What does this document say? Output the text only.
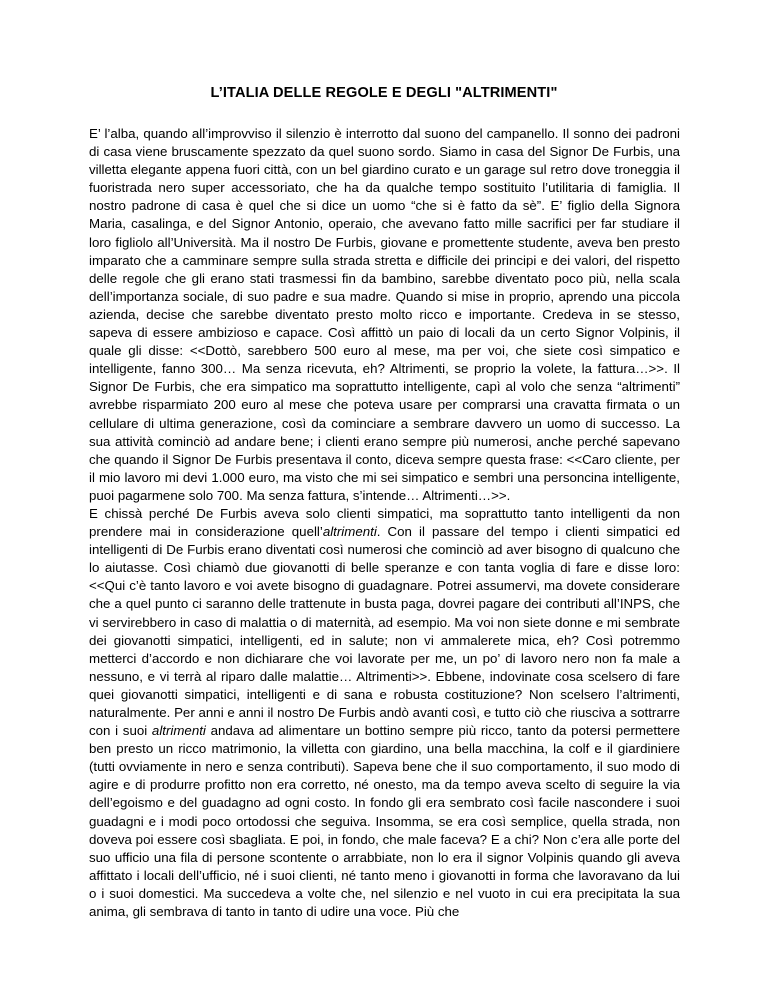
L’ITALIA DELLE REGOLE E DEGLI "ALTRIMENTI"

E’ l’alba, quando all’improvviso il silenzio è interrotto dal suono del campanello. Il sonno dei padroni di casa viene bruscamente spezzato da quel suono sordo. Siamo in casa del Signor De Furbis, una villetta elegante appena fuori città, con un bel giardino curato e un garage sul retro dove troneggia il fuoristrada nero super accessoriato, che ha da qualche tempo sostituito l’utilitaria di famiglia. Il nostro padrone di casa è quel che si dice un uomo “che si è fatto da sè”. E’ figlio della Signora Maria, casalinga, e del Signor Antonio, operaio, che avevano fatto mille sacrifici per far studiare il loro figliolo all’Università. Ma il nostro De Furbis, giovane e promettente studente, aveva ben presto imparato che a camminare sempre sulla strada stretta e difficile dei principi e dei valori, del rispetto delle regole che gli erano stati trasmessi fin da bambino, sarebbe diventato poco più, nella scala dell’importanza sociale, di suo padre e sua madre. Quando si mise in proprio, aprendo una piccola azienda, decise che sarebbe diventato presto molto ricco e importante. Credeva in se stesso, sapeva di essere ambizioso e capace. Così affittò un paio di locali da un certo Signor Volpinis, il quale gli disse: <<Dottò, sarebbero 500 euro al mese, ma per voi, che siete così simpatico e intelligente, fanno 300… Ma senza ricevuta, eh? Altrimenti, se proprio la volete, la fattura…>>. Il Signor De Furbis, che era simpatico ma soprattutto intelligente, capì al volo che senza “altrimenti” avrebbe risparmiato 200 euro al mese che poteva usare per comprarsi una cravatta firmata o un cellulare di ultima generazione, così da cominciare a sembrare davvero un uomo di successo. La sua attività cominciò ad andare bene; i clienti erano sempre più numerosi, anche perché sapevano che quando il Signor De Furbis presentava il conto, diceva sempre questa frase: <<Caro cliente, per il mio lavoro mi devi 1.000 euro, ma visto che mi sei simpatico e sembri una personcina intelligente, puoi pagarmene solo 700. Ma senza fattura, s’intende… Altrimenti…>>.

E chissà perché De Furbis aveva solo clienti simpatici, ma soprattutto tanto intelligenti da non prendere mai in considerazione quell’altrimenti. Con il passare del tempo i clienti simpatici ed intelligenti di De Furbis erano diventati così numerosi che cominciò ad aver bisogno di qualcuno che lo aiutasse. Così chiamò due giovanotti di belle speranze e con tanta voglia di fare e disse loro: <<Qui c’è tanto lavoro e voi avete bisogno di guadagnare. Potrei assumervi, ma dovete considerare che a quel punto ci saranno delle trattenute in busta paga, dovrei pagare dei contributi all’INPS, che vi servirebbero in caso di malattia o di maternità, ad esempio. Ma voi non siete donne e mi sembrate dei giovanotti simpatici, intelligenti, ed in salute; non vi ammalerete mica, eh? Così potremmo metterci d’accordo e non dichiarare che voi lavorate per me, un po’ di lavoro nero non fa male a nessuno, e vi terrà al riparo dalle malattie… Altrimenti>>. Ebbene, indovinate cosa scelsero di fare quei giovanotti simpatici, intelligenti e di sana e robusta costituzione? Non scelsero l’altrimenti, naturalmente. Per anni e anni il nostro De Furbis andò avanti così, e tutto ciò che riusciva a sottrarre con i suoi altrimenti andava ad alimentare un bottino sempre più ricco, tanto da potersi permettere ben presto un ricco matrimonio, la villetta con giardino, una bella macchina, la colf e il giardiniere (tutti ovviamente in nero e senza contributi). Sapeva bene che il suo comportamento, il suo modo di agire e di produrre profitto non era corretto, né onesto, ma da tempo aveva scelto di seguire la via dell’egoismo e del guadagno ad ogni costo. In fondo gli era sembrato così facile nascondere i suoi guadagni e i modi poco ortodossi che seguiva. Insomma, se era così semplice, quella strada, non doveva poi essere così sbagliata. E poi, in fondo, che male faceva? E a chi? Non c’era alle porte del suo ufficio una fila di persone scontente o arrabbiate, non lo era il signor Volpinis quando gli aveva affittato i locali dell’ufficio, né i suoi clienti, né tanto meno i giovanotti in forma che lavoravano da lui o i suoi domestici. Ma succedeva a volte che, nel silenzio e nel vuoto in cui era precipitata la sua anima, gli sembrava di tanto in tanto di udire una voce. Più che
